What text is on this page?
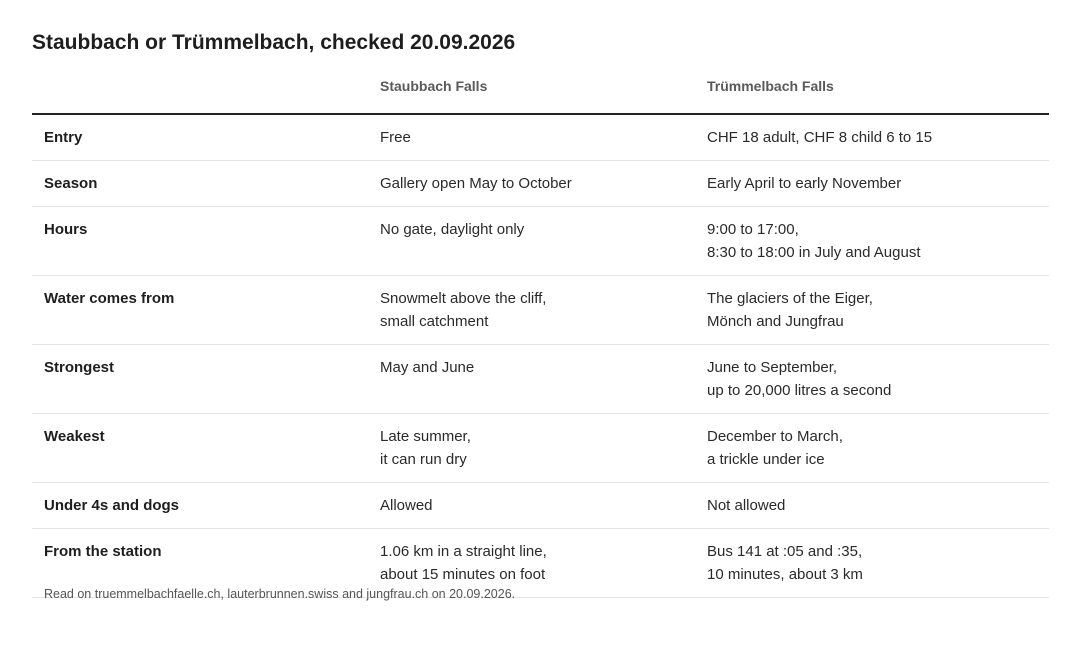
Staubbach or Trümmelbach, checked 20.09.2026

	Staubbach Falls	Trümmelbach Falls

Entry	Free	CHF 18 adult, CHF 8 child 6 to 15

Season	Gallery open May to October	Early April to early November

Hours	No gate, daylight only	9:00 to 17:00,
8:30 to 18:00 in July and August

Water comes from	Snowmelt above the cliff,
small catchment	The glaciers of the Eiger,
Mönch and Jungfrau

Strongest	May and June	June to September,
up to 20,000 litres a second

Weakest	Late summer,
it can run dry	December to March,
a trickle under ice

Under 4s and dogs	Allowed	Not allowed

From the station	1.06 km in a straight line,
about 15 minutes on foot	Bus 141 at :05 and :35,
10 minutes, about 3 km

Read on truemmelbachfaelle.ch, lauterbrunnen.swiss and jungfrau.ch on 20.09.2026.
